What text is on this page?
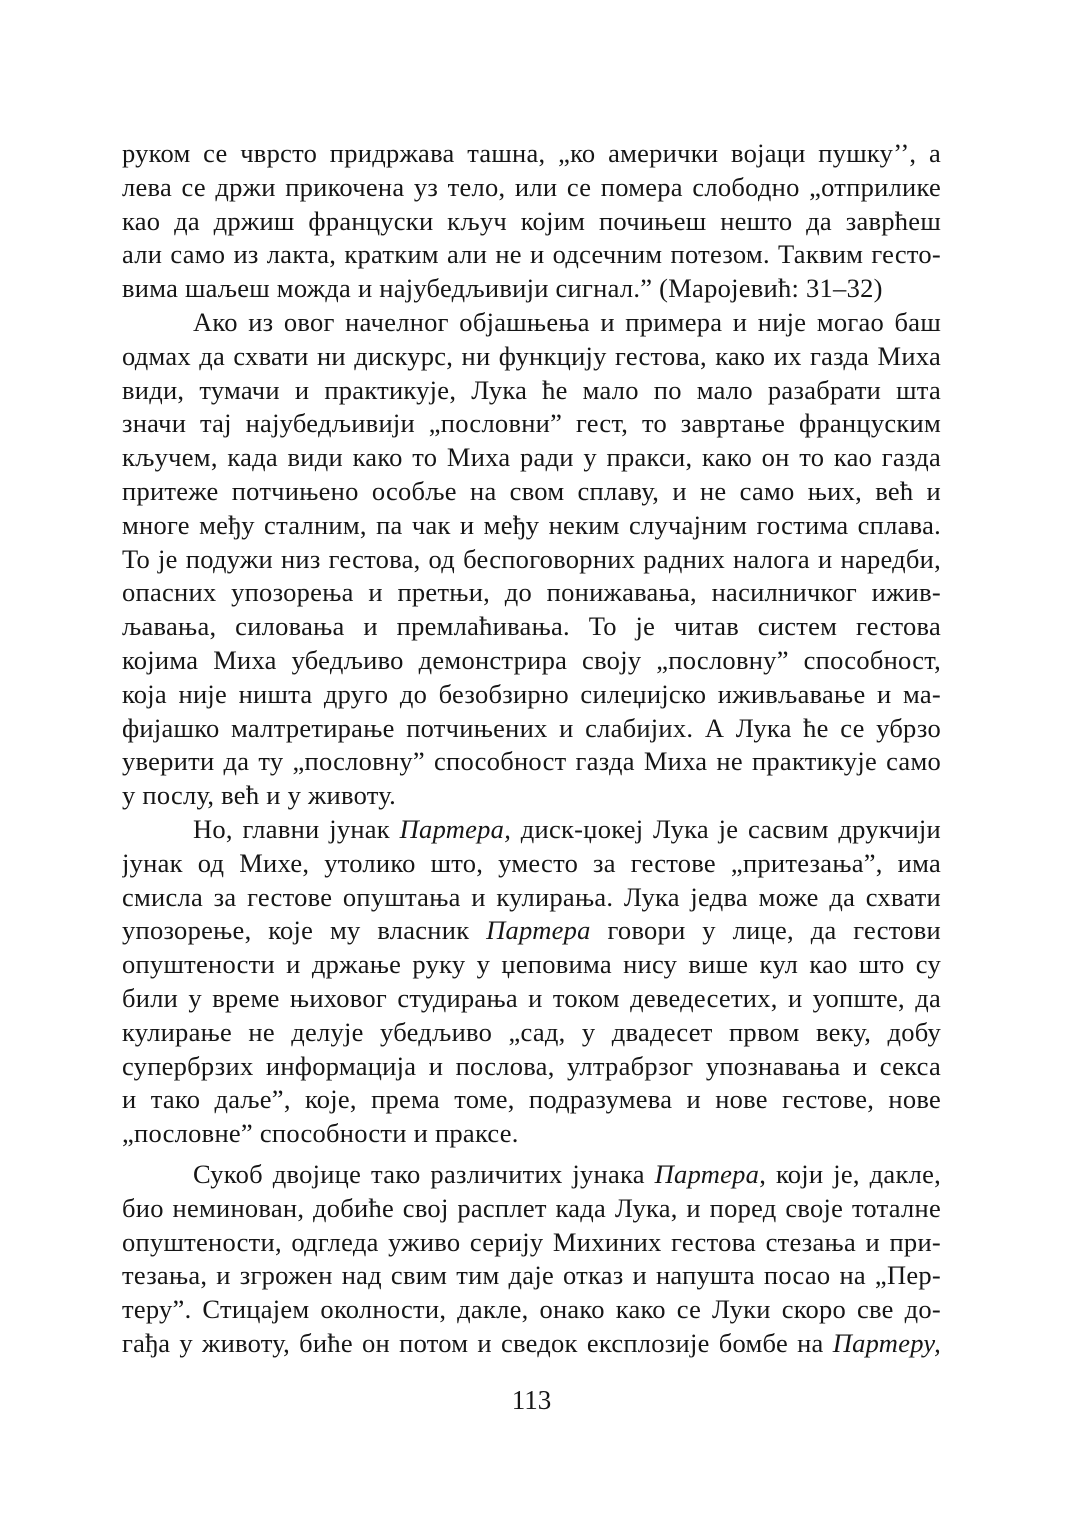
руком се чврсто придржава ташна, „ко амерички војаци пушку’’, а
лева се држи прикочена уз тело, или се помера слободно „отприлике
као да држиш француски кључ којим почињеш нешто да заврћеш
али само из лакта, кратким али не и одсечним потезом. Таквим гесто-
вима шаљеш можда и најубедљивији сигнал.” (Маројевић: 31–32)
Ако из овог начелног објашњења и примера и није могао баш
одмах да схвати ни дискурс, ни функцију гестова, како их газда Миха
види, тумачи и практикује, Лука ће мало по мало разабрати шта
значи тај најубедљивији „пословни” гест, то завртање француским
кључем, када види како то Миха ради у пракси, како он то као газда
притеже потчињено особље на свом сплаву, и не само њих, већ и
многе међу сталним, па чак и међу неким случајним гостима сплава.
То је подужи низ гестова, од беспоговорних радних налога и наредби,
опасних упозорења и претњи, до понижавања, насилничког ижив-
љавања, силовања и премлаћивања. То је читав систем гестова
којима Миха убедљиво демонстрира своју „пословну” способност,
која није ништа друго до безобзирно силеџијско иживљавање и ма-
фијашко малтретирање потчињених и слабијих. А Лука ће се убрзо
уверити да ту „пословну” способност газда Миха не практикује само
у послу, већ и у животу.
Но, главни јунак Партера, диск-џокеј Лука је сасвим друкчији
јунак од Михе, утолико што, уместо за гестове „притезања”, има
смисла за гестове опуштања и кулирања. Лука једва може да схвати
упозорење, које му власник Партера говори у лице, да гестови
опуштености и држање руку у џеповима нису више кул као што су
били у време њиховог студирања и током деведесетих, и уопште, да
кулирање не делује убедљиво „сад, у двадесет првом веку, добу
супербрзих информација и послова, ултрабрзог упознавања и секса
и тако даље”, које, према томе, подразумева и нове гестове, нове
„пословне” способности и праксе.
Сукоб двојице тако различитих јунака Партера, који је, дакле,
био неминован, добиће свој расплет када Лука, и поред своје тоталне
опуштености, одгледа уживо серију Михиних гестова стезања и при-
тезања, и згрожен над свим тим даје отказ и напушта посао на „Пер-
теру”. Стицајем околности, дакле, онако како се Луки скоро све до-
гађа у животу, биће он потом и сведок експлозије бомбе на Партеру,
113
